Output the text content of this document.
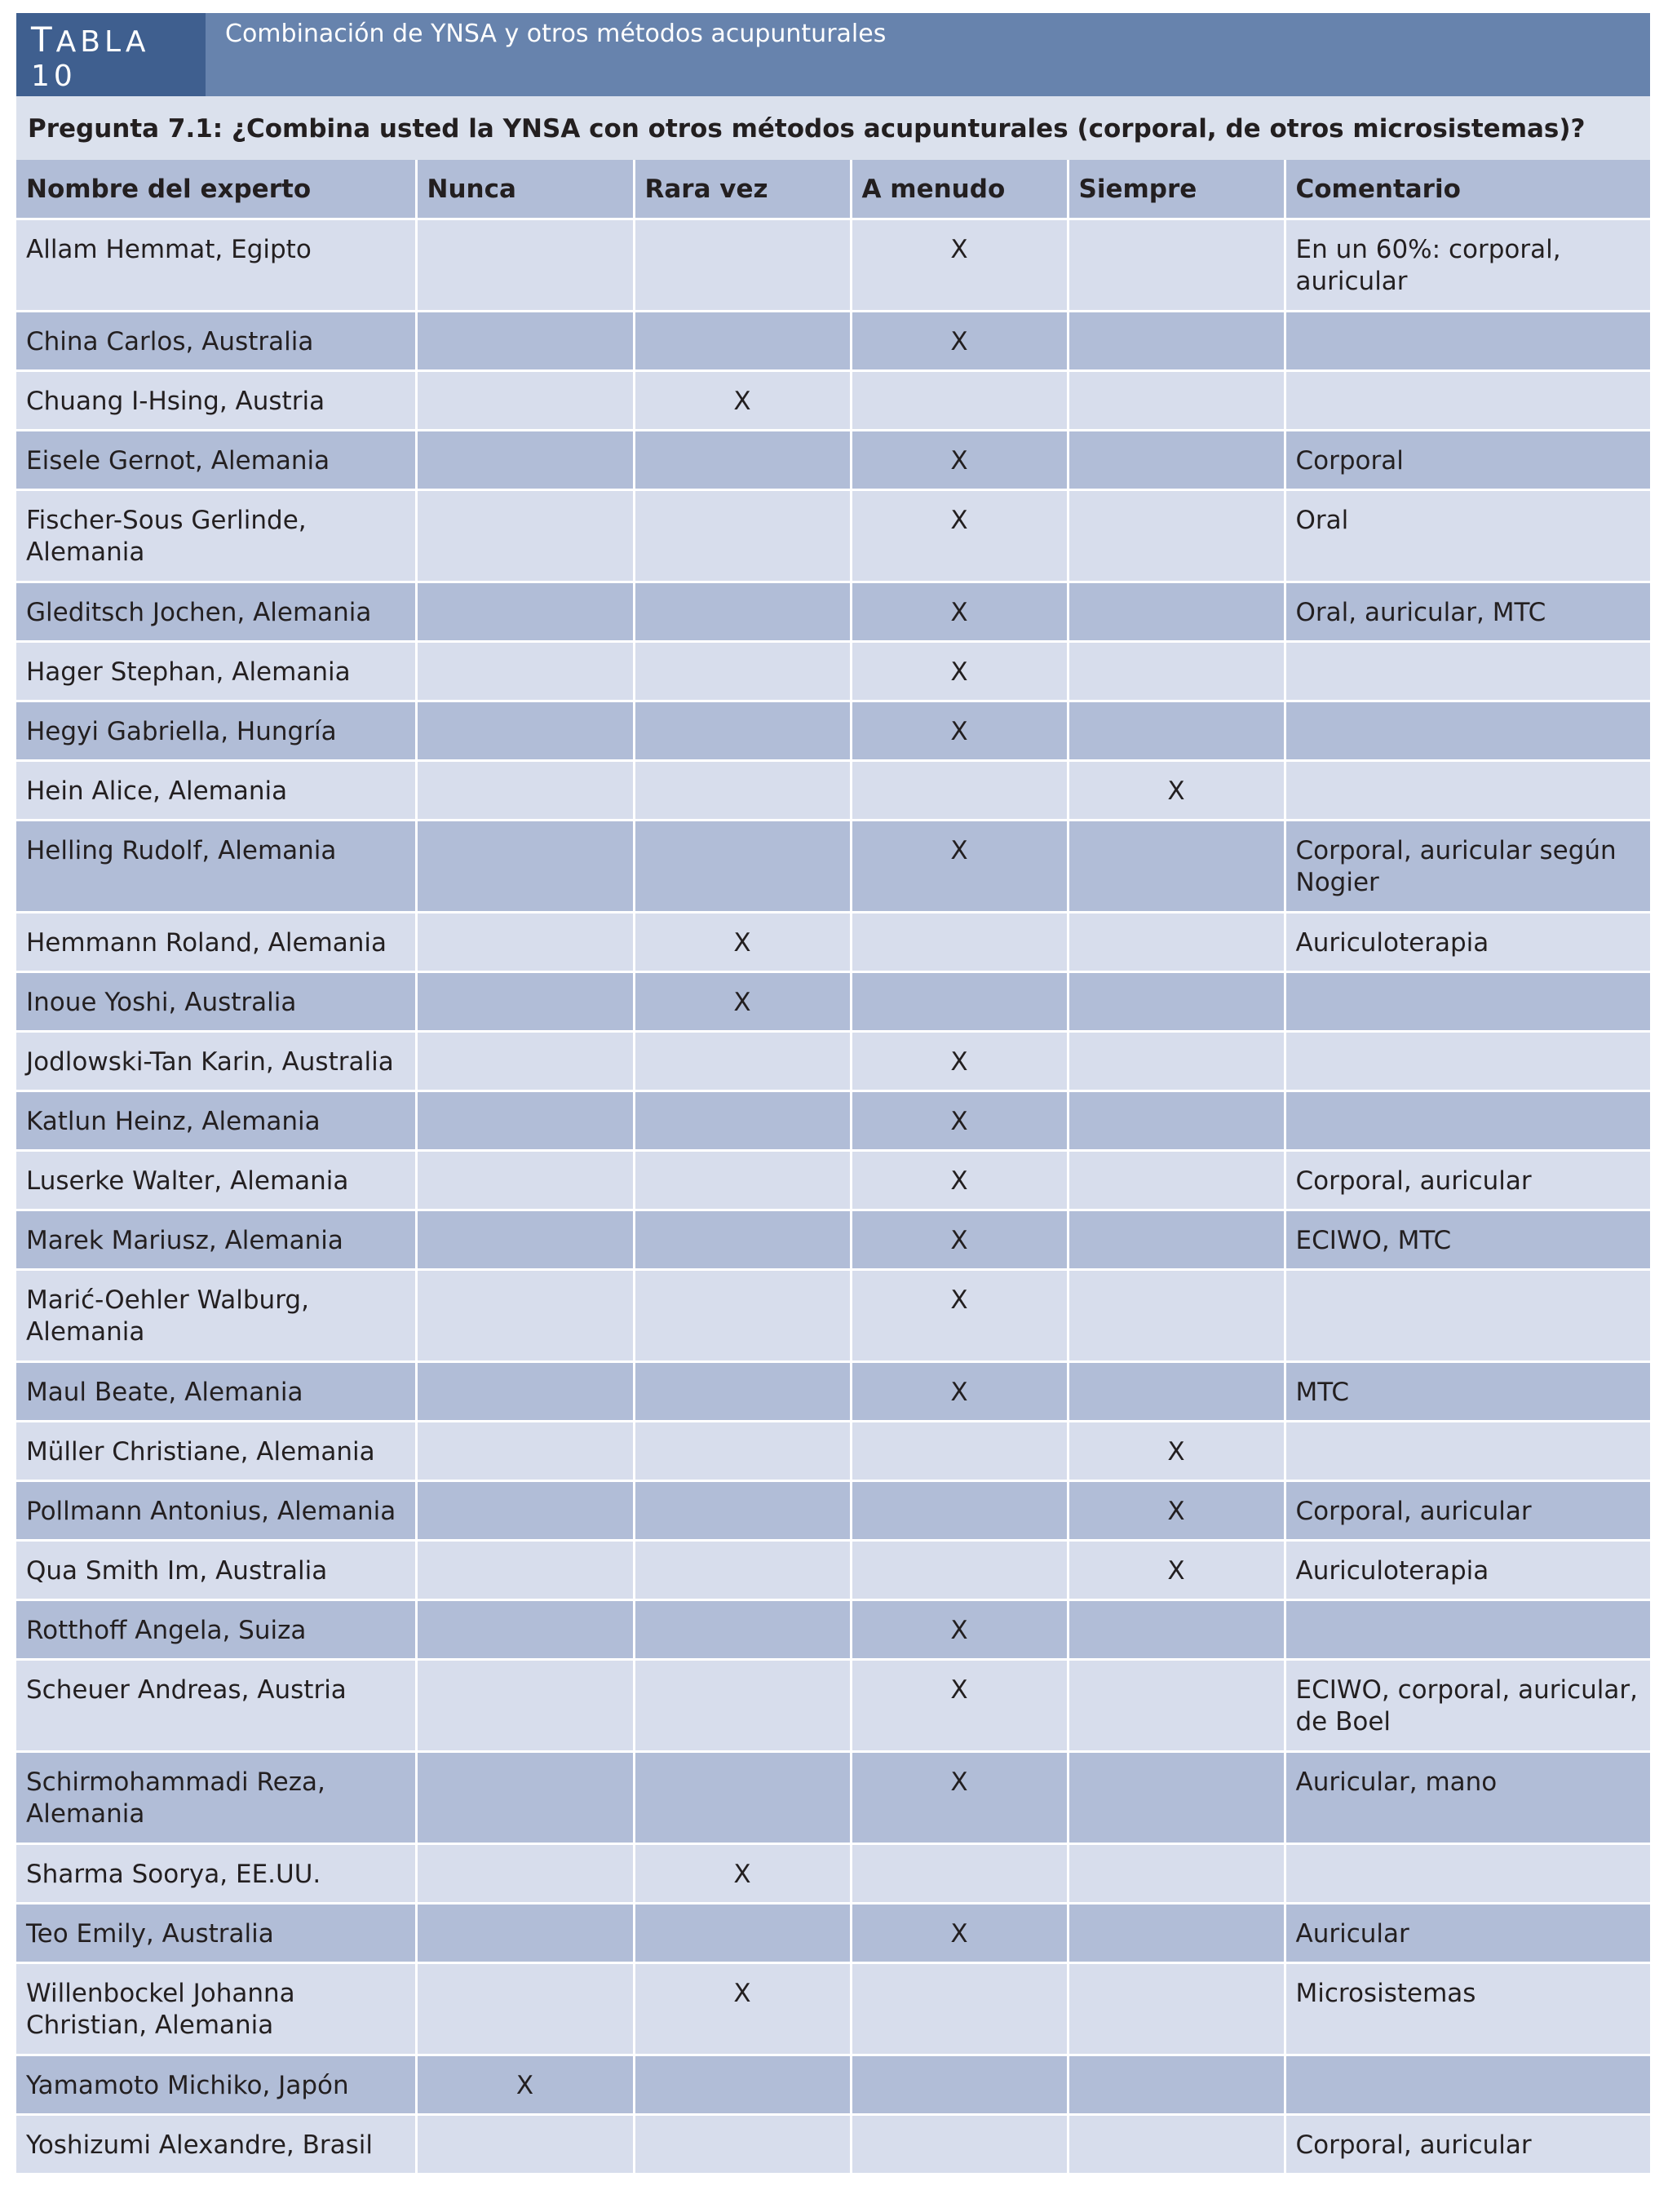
TABLA 10
Combinación de YNSA y otros métodos acupunturales
Pregunta 7.1: ¿Combina usted la YNSA con otros métodos acupunturales (corporal, de otros microsistemas)?
Nombre del experto	Nunca	Rara vez	A menudo	Siempre	Comentario
Allam Hemmat, Egipto			X		En un 60%: corporal, auricular
China Carlos, Australia			X		
Chuang I-Hsing, Austria		X			
Eisele Gernot, Alemania			X		Corporal
Fischer-Sous Gerlinde, Alemania			X		Oral
Gleditsch Jochen, Alemania			X		Oral, auricular, MTC
Hager Stephan, Alemania			X		
Hegyi Gabriella, Hungría			X		
Hein Alice, Alemania				X	
Helling Rudolf, Alemania			X		Corporal, auricular según Nogier
Hemmann Roland, Alemania		X			Auriculoterapia
Inoue Yoshi, Australia		X			
Jodlowski-Tan Karin, Australia			X		
Katlun Heinz, Alemania			X		
Luserke Walter, Alemania			X		Corporal, auricular
Marek Mariusz, Alemania			X		ECIWO, MTC
Marić-Oehler Walburg, Alemania			X		
Maul Beate, Alemania			X		MTC
Müller Christiane, Alemania				X	
Pollmann Antonius, Alemania				X	Corporal, auricular
Qua Smith Im, Australia				X	Auriculoterapia
Rotthoff Angela, Suiza			X		
Scheuer Andreas, Austria			X		ECIWO, corporal, auricular, de Boel
Schirmohammadi Reza, Alemania			X		Auricular, mano
Sharma Soorya, EE.UU.		X			
Teo Emily, Australia			X		Auricular
Willenbockel Johanna Christian, Alemania		X			Microsistemas
Yamamoto Michiko, Japón	X				
Yoshizumi Alexandre, Brasil					Corporal, auricular
